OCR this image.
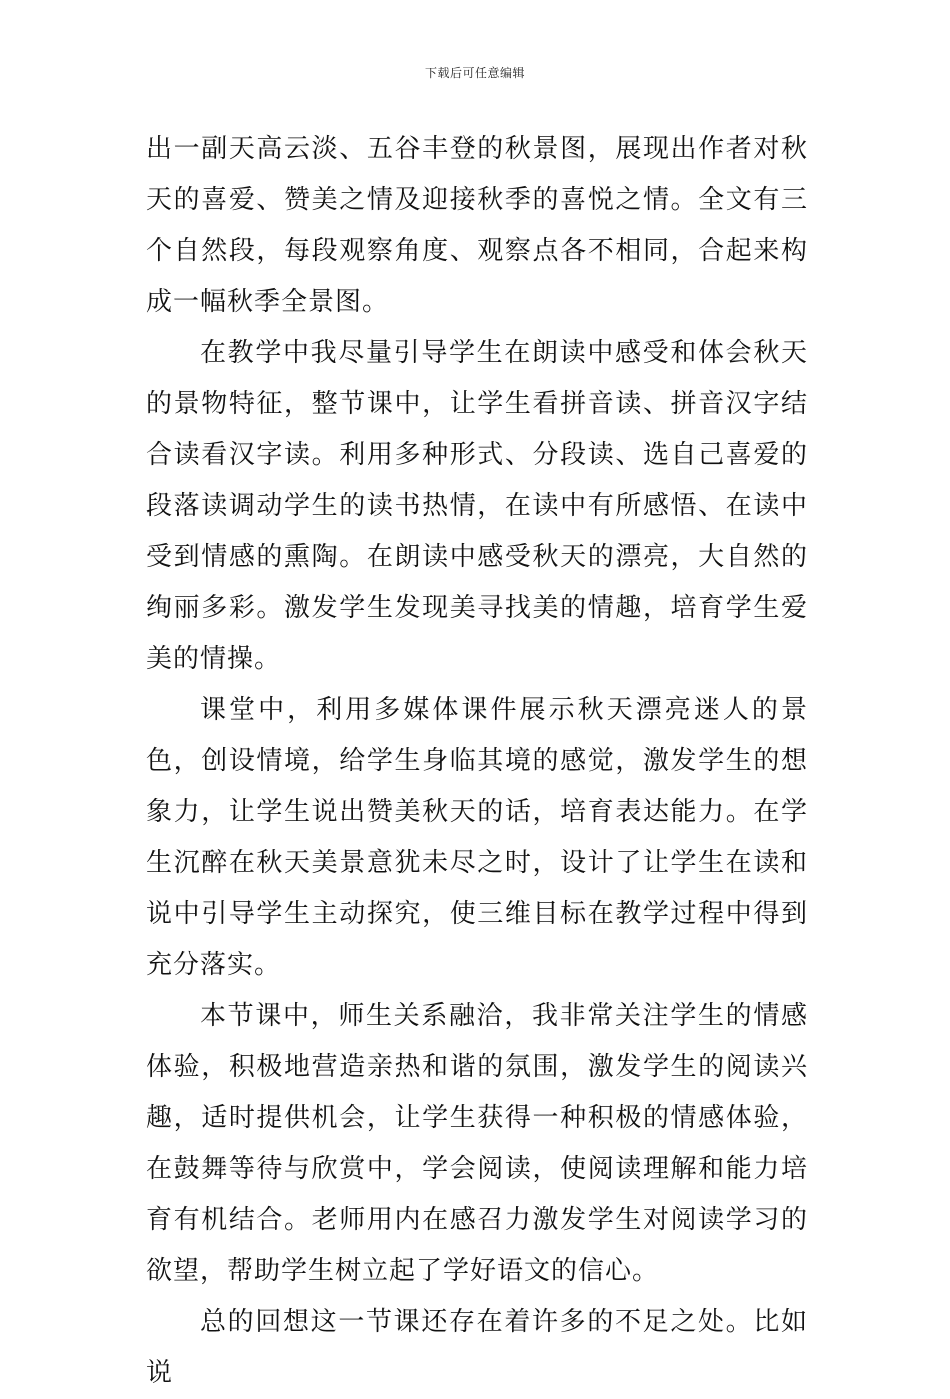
下载后可任意编辑

出一副天高云淡、五谷丰登的秋景图，展现出作者对秋天的喜爱、赞美之情及迎接秋季的喜悦之情。全文有三个自然段，每段观察角度、观察点各不相同，合起来构成一幅秋季全景图。

在教学中我尽量引导学生在朗读中感受和体会秋天的景物特征，整节课中，让学生看拼音读、拼音汉字结合读看汉字读。利用多种形式、分段读、选自己喜爱的段落读调动学生的读书热情，在读中有所感悟、在读中受到情感的熏陶。在朗读中感受秋天的漂亮，大自然的绚丽多彩。激发学生发现美寻找美的情趣，培育学生爱美的情操。

课堂中，利用多媒体课件展示秋天漂亮迷人的景色，创设情境，给学生身临其境的感觉，激发学生的想象力，让学生说出赞美秋天的话，培育表达能力。在学生沉醉在秋天美景意犹未尽之时，设计了让学生在读和说中引导学生主动探究，使三维目标在教学过程中得到充分落实。

本节课中，师生关系融洽，我非常关注学生的情感体验，积极地营造亲热和谐的氛围，激发学生的阅读兴趣，适时提供机会，让学生获得一种积极的情感体验，在鼓舞等待与欣赏中，学会阅读，使阅读理解和能力培育有机结合。老师用内在感召力激发学生对阅读学习的欲望，帮助学生树立起了学好语文的信心。

总的回想这一节课还存在着许多的不足之处。比如说
